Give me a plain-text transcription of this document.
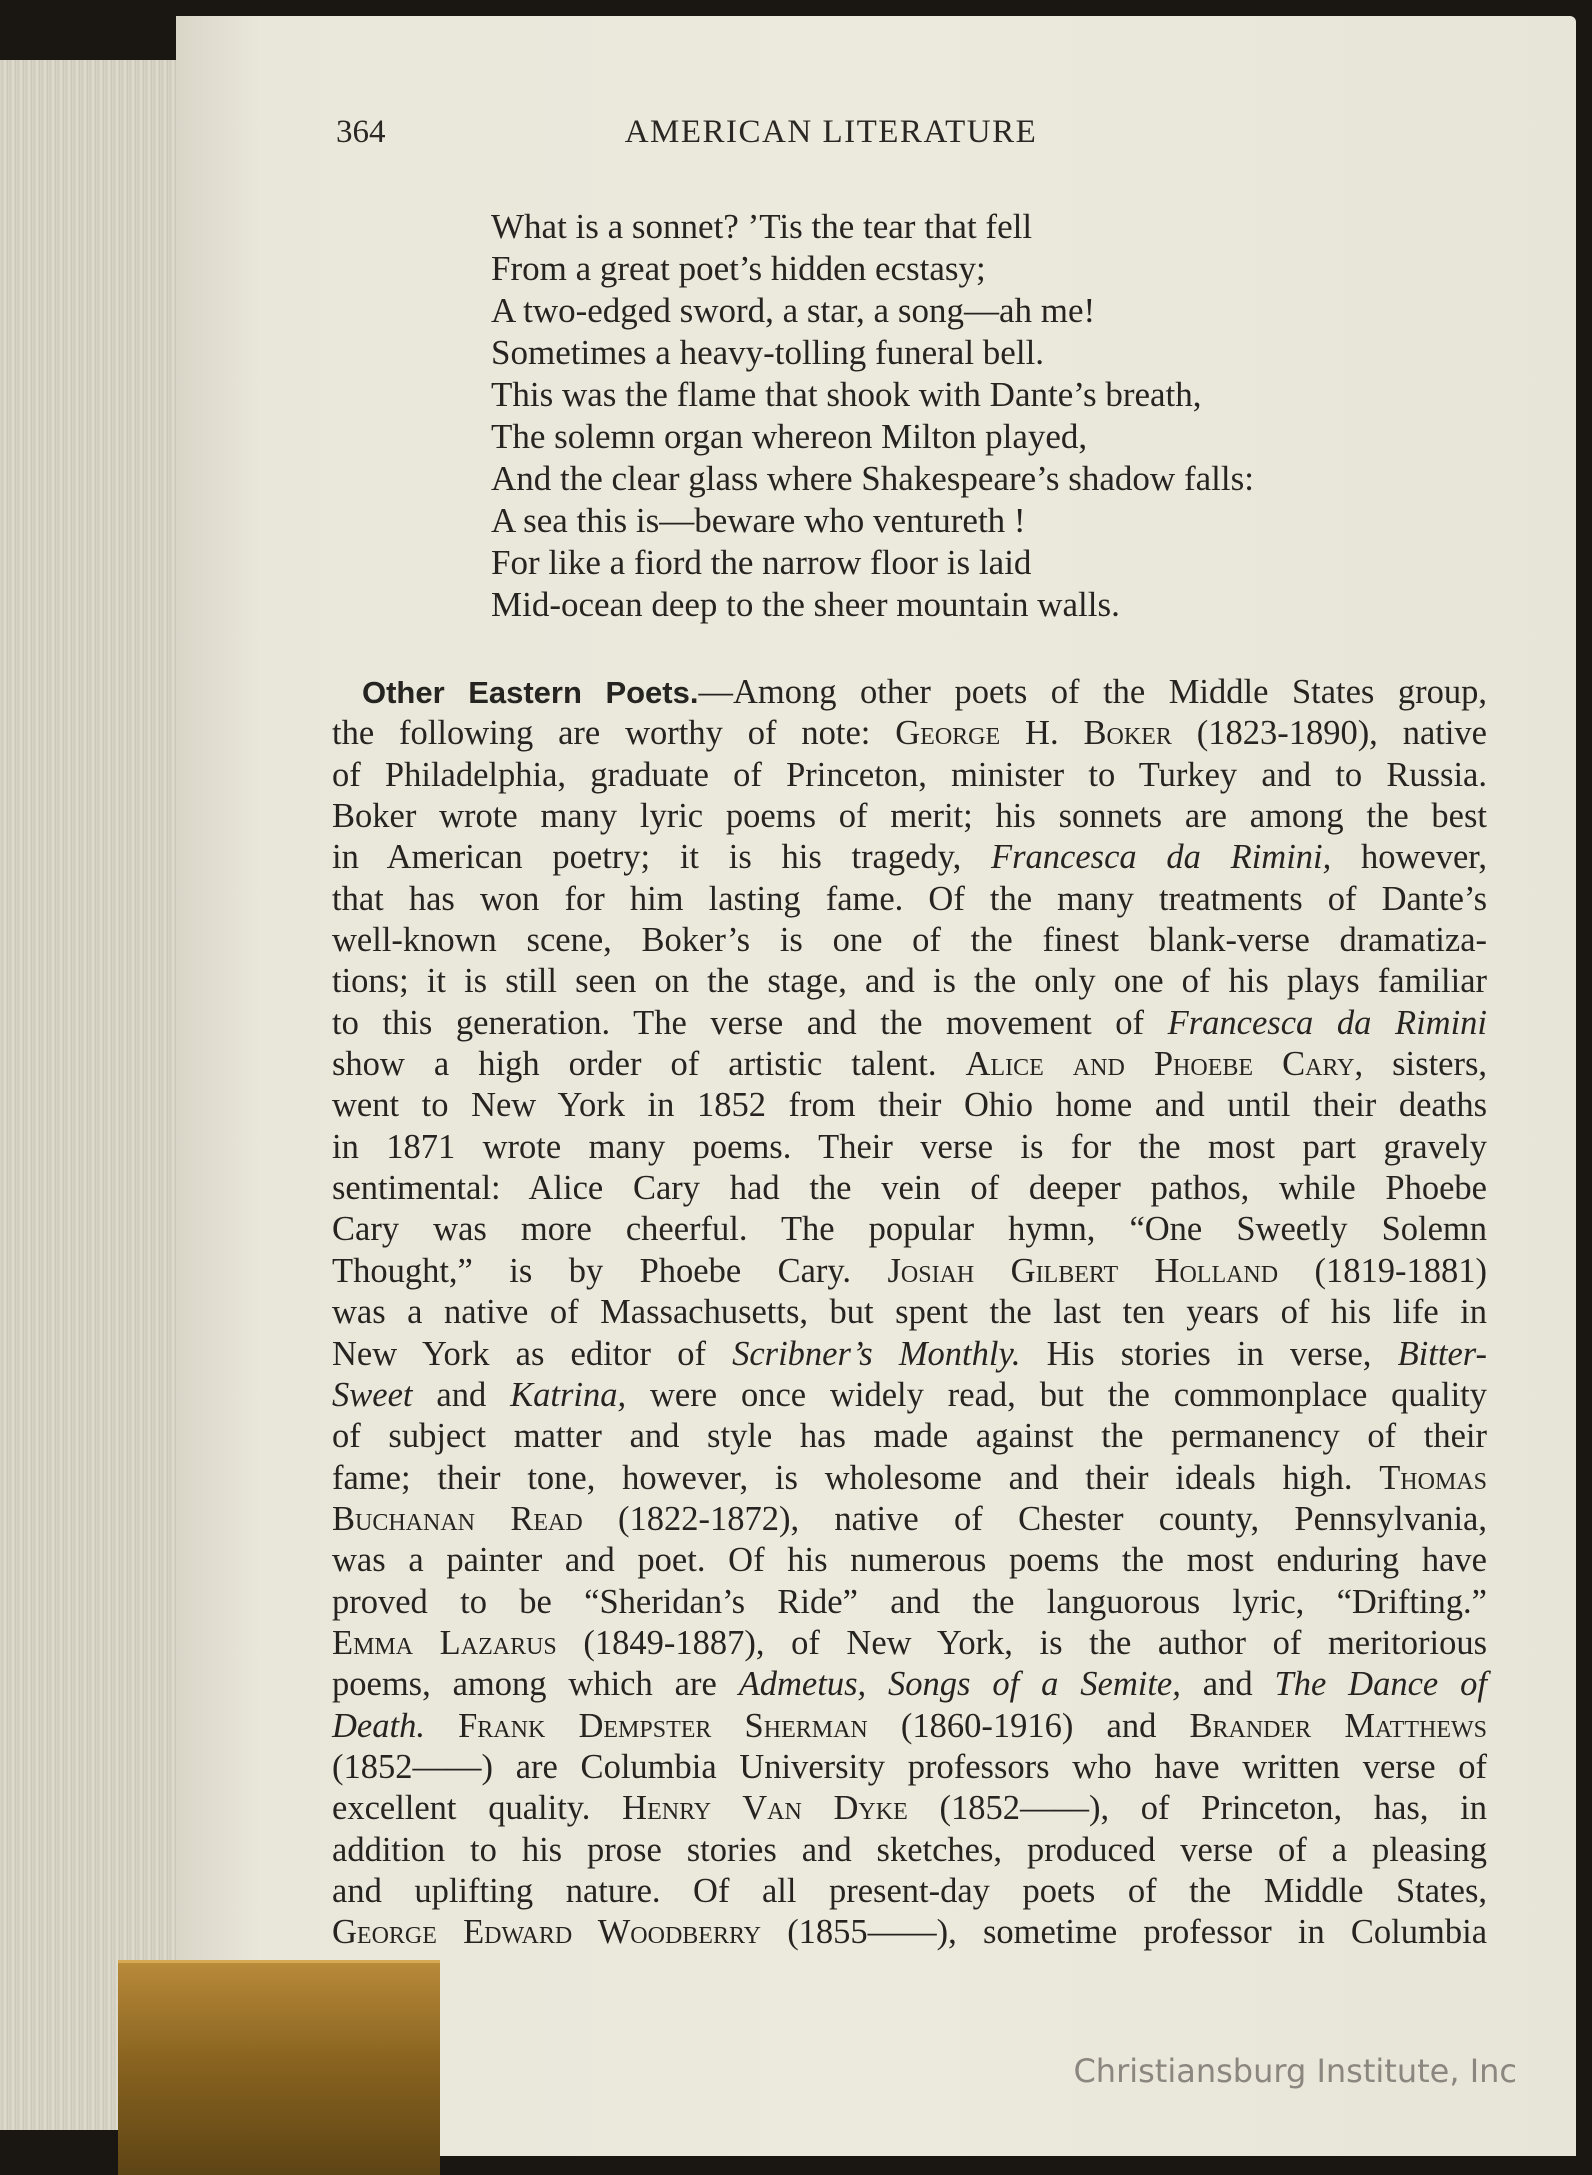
364	AMERICAN LITERATURE
What is a sonnet? ’Tis the tear that fell
From a great poet’s hidden ecstasy;
A two-edged sword, a star, a song—ah me!
Sometimes a heavy-tolling funeral bell.
This was the flame that shook with Dante’s breath,
The solemn organ whereon Milton played,
And the clear glass where Shakespeare’s shadow falls:
A sea this is—beware who ventureth !
For like a fiord the narrow floor is laid
Mid-ocean deep to the sheer mountain walls.
Other Eastern Poets.—Among other poets of the Middle States group,
the following are worthy of note: George H. Boker (1823-1890), native
of Philadelphia, graduate of Princeton, minister to Turkey and to Russia.
Boker wrote many lyric poems of merit; his sonnets are among the best
in American poetry; it is his tragedy, Francesca da Rimini, however,
that has won for him lasting fame. Of the many treatments of Dante’s
well-known scene, Boker’s is one of the finest blank-verse dramatiza-
tions; it is still seen on the stage, and is the only one of his plays familiar
to this generation. The verse and the movement of Francesca da Rimini
show a high order of artistic talent. Alice and Phoebe Cary, sisters,
went to New York in 1852 from their Ohio home and until their deaths
in 1871 wrote many poems. Their verse is for the most part gravely
sentimental: Alice Cary had the vein of deeper pathos, while Phoebe
Cary was more cheerful. The popular hymn, “One Sweetly Solemn
Thought,” is by Phoebe Cary. Josiah Gilbert Holland (1819-1881)
was a native of Massachusetts, but spent the last ten years of his life in
New York as editor of Scribner’s Monthly. His stories in verse, Bitter-
Sweet and Katrina, were once widely read, but the commonplace quality
of subject matter and style has made against the permanency of their
fame; their tone, however, is wholesome and their ideals high. Thomas
Buchanan Read (1822-1872), native of Chester county, Pennsylvania,
was a painter and poet. Of his numerous poems the most enduring have
proved to be “Sheridan’s Ride” and the languorous lyric, “Drifting.”
Emma Lazarus (1849-1887), of New York, is the author of meritorious
poems, among which are Admetus, Songs of a Semite, and The Dance of
Death. Frank Dempster Sherman (1860-1916) and Brander Matthews
(1852——) are Columbia University professors who have written verse of
excellent quality. Henry Van Dyke (1852——), of Princeton, has, in
addition to his prose stories and sketches, produced verse of a pleasing
and uplifting nature. Of all present-day poets of the Middle States,
George Edward Woodberry (1855——), sometime professor in Columbia
Christiansburg Institute, Inc
